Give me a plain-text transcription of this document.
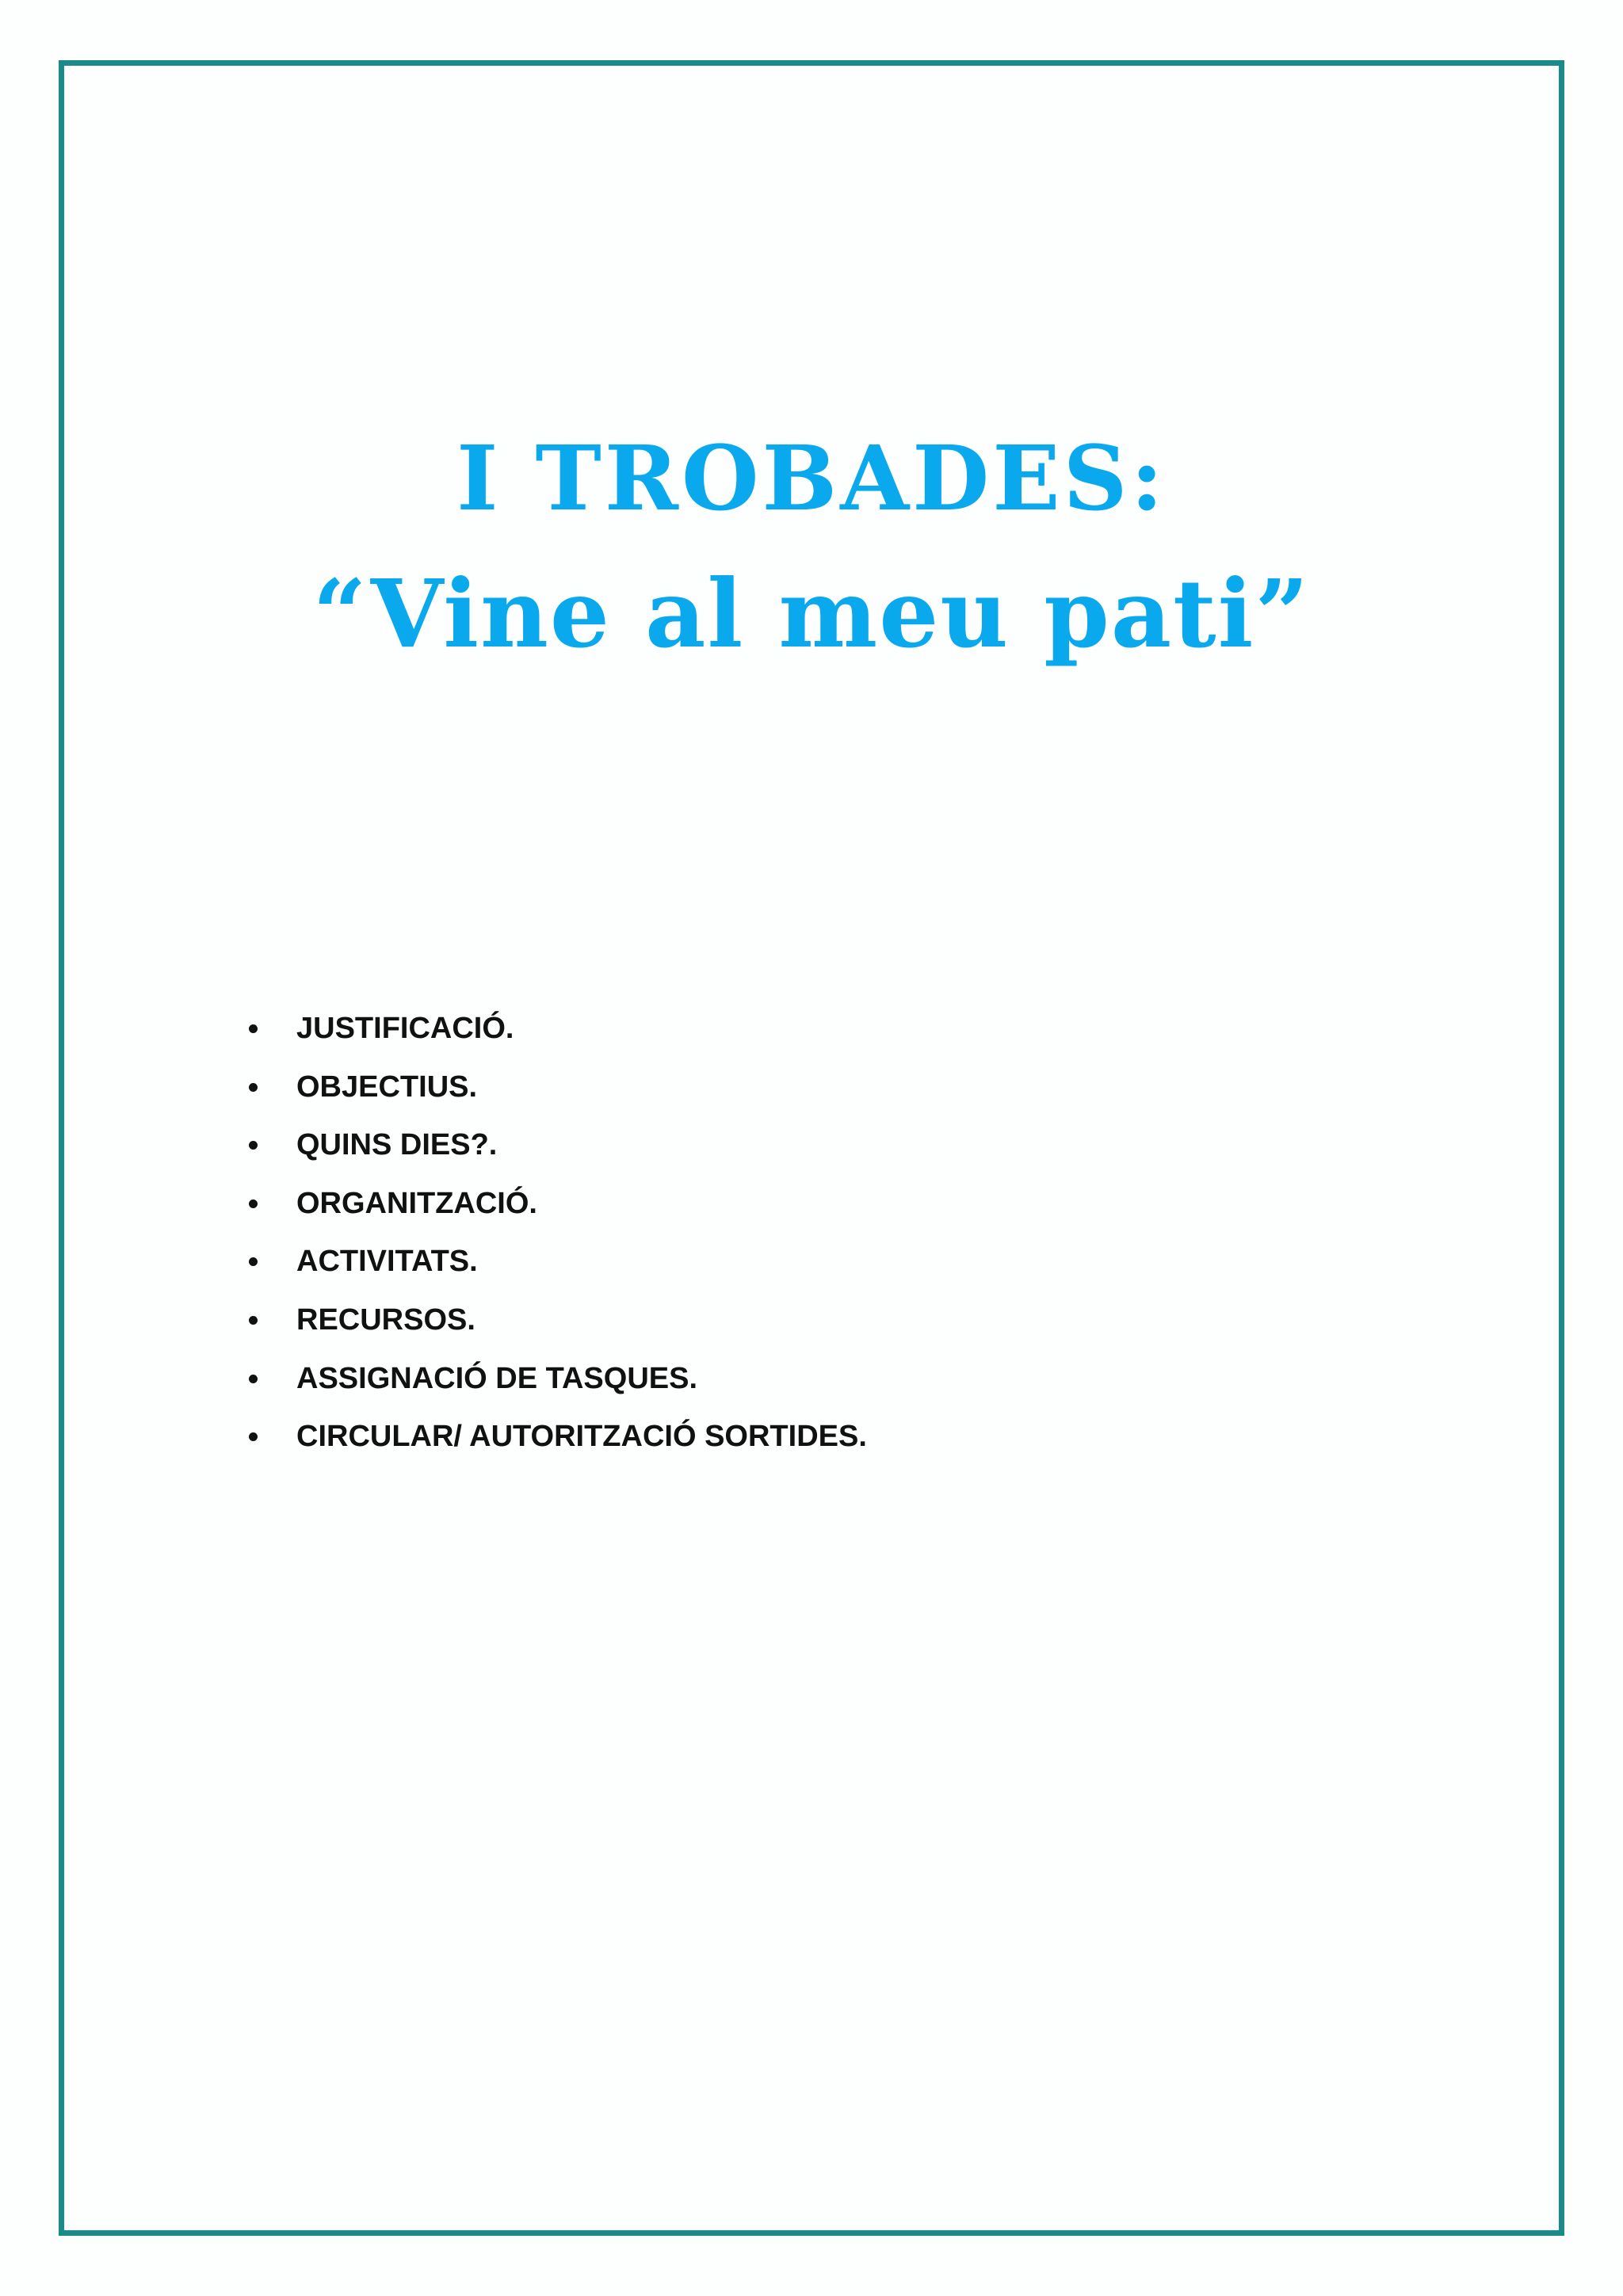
I TROBADES:
“Vine al meu pati”
JUSTIFICACIÓ.
OBJECTIUS.
QUINS DIES?.
ORGANITZACIÓ.
ACTIVITATS.
RECURSOS.
ASSIGNACIÓ DE TASQUES.
CIRCULAR/ AUTORITZACIÓ SORTIDES.
